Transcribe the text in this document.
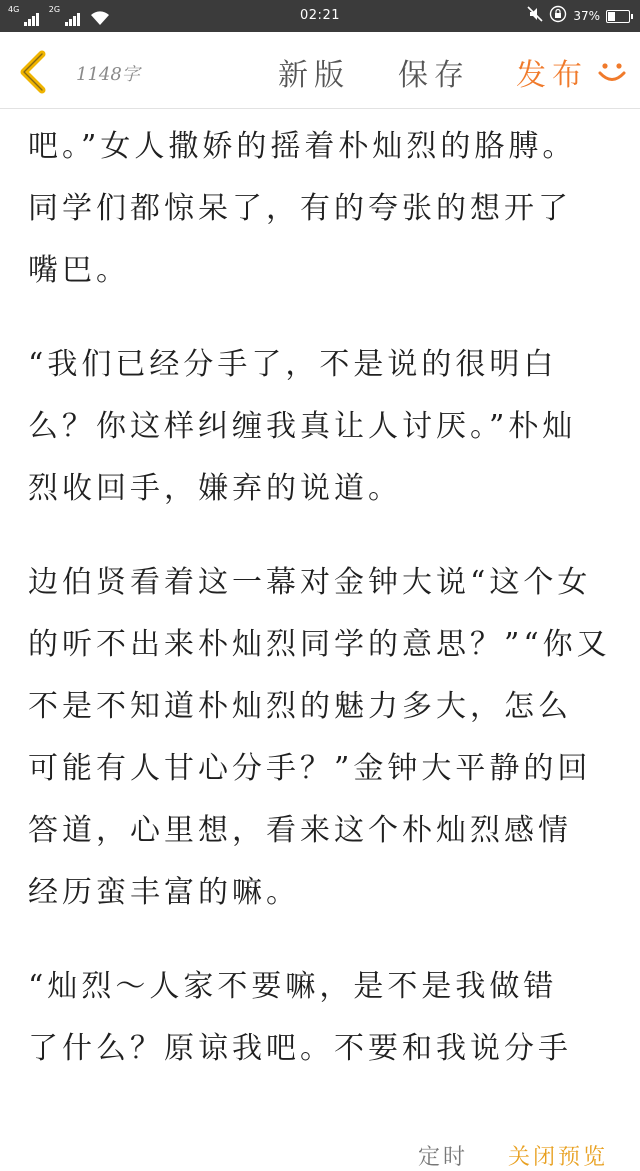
4G	2G	02:21	37%
1148字	新版 保存 发布

吧。”女人撒娇的摇着朴灿烈的胳膊。
同学们都惊呆了，有的夸张的想开了
嘴巴。

“我们已经分手了，不是说的很明白
么？你这样纠缠我真让人讨厌。”朴灿
烈收回手，嫌弃的说道。

边伯贤看着这一幕对金钟大说“这个女
的听不出来朴灿烈同学的意思？”“你又
不是不知道朴灿烈的魅力多大，怎么
可能有人甘心分手？”金钟大平静的回
答道，心里想，看来这个朴灿烈感情
经历蛮丰富的嘛。

“灿烈～人家不要嘛，是不是我做错
了什么？原谅我吧。不要和我说分手

定时 关闭预览
